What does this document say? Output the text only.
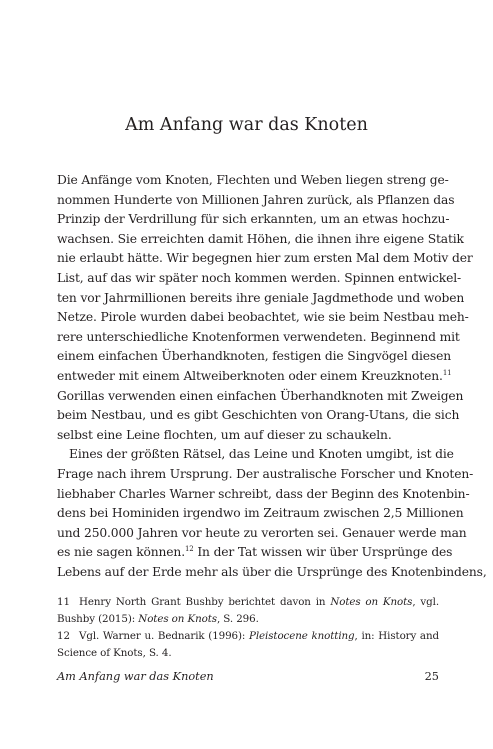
Am Anfang war das Knoten
Die Anfänge vom Knoten, Flechten und Weben liegen streng ge-
nommen Hunderte von Millionen Jahren zurück, als Pflanzen das
Prinzip der Verdrillung für sich erkannten, um an etwas hochzu-
wachsen. Sie erreichten damit Höhen, die ihnen ihre eigene Statik
nie erlaubt hätte. Wir begegnen hier zum ersten Mal dem Motiv der
List, auf das wir später noch kommen werden. Spinnen entwickel-
ten vor Jahrmillionen bereits ihre geniale Jagdmethode und woben
Netze. Pirole wurden dabei beobachtet, wie sie beim Nestbau meh-
rere unterschiedliche Knotenformen verwendeten. Beginnend mit
einem einfachen Überhandknoten, festigen die Singvögel diesen
entweder mit einem Altweiberknoten oder einem Kreuzknoten.$^{11}$
Gorillas verwenden einen einfachen Überhandknoten mit Zweigen
beim Nestbau, und es gibt Geschichten von Orang-Utans, die sich
selbst eine Leine flochten, um auf dieser zu schaukeln.
Eines der größten Rätsel, das Leine und Knoten umgibt, ist die
Frage nach ihrem Ursprung. Der australische Forscher und Knoten-
liebhaber Charles Warner schreibt, dass der Beginn des Knotenbin-
dens bei Hominiden irgendwo im Zeitraum zwischen 2,5 Millionen
und 250.000 Jahren vor heute zu verorten sei. Genauer werde man
es nie sagen können.$^{12}$ In der Tat wissen wir über Ursprünge des
Lebens auf der Erde mehr als über die Ursprünge des Knotenbindens,
11 Henry North Grant Bushby berichtet davon in Notes on Knots, vgl.
Bushby (2015): Notes on Knots, S. 296.
12 Vgl. Warner u. Bednarik (1996): Pleistocene knotting, in: History and
Science of Knots, S. 4.
Am Anfang war das Knoten	25
